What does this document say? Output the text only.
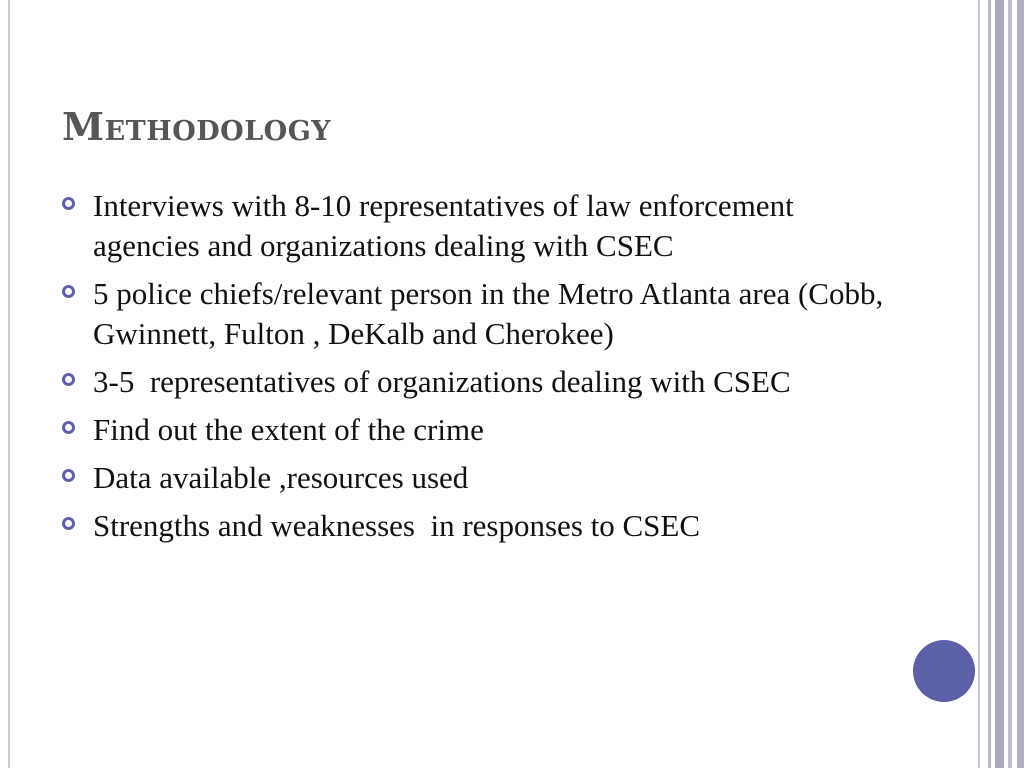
Methodology
Interviews with 8-10 representatives of law enforcement agencies and organizations dealing with CSEC
5 police chiefs/relevant person in the Metro Atlanta area (Cobb, Gwinnett, Fulton , DeKalb and Cherokee)
3-5  representatives of organizations dealing with CSEC
Find out the extent of the crime
Data available ,resources used
Strengths and weaknesses  in responses to CSEC
